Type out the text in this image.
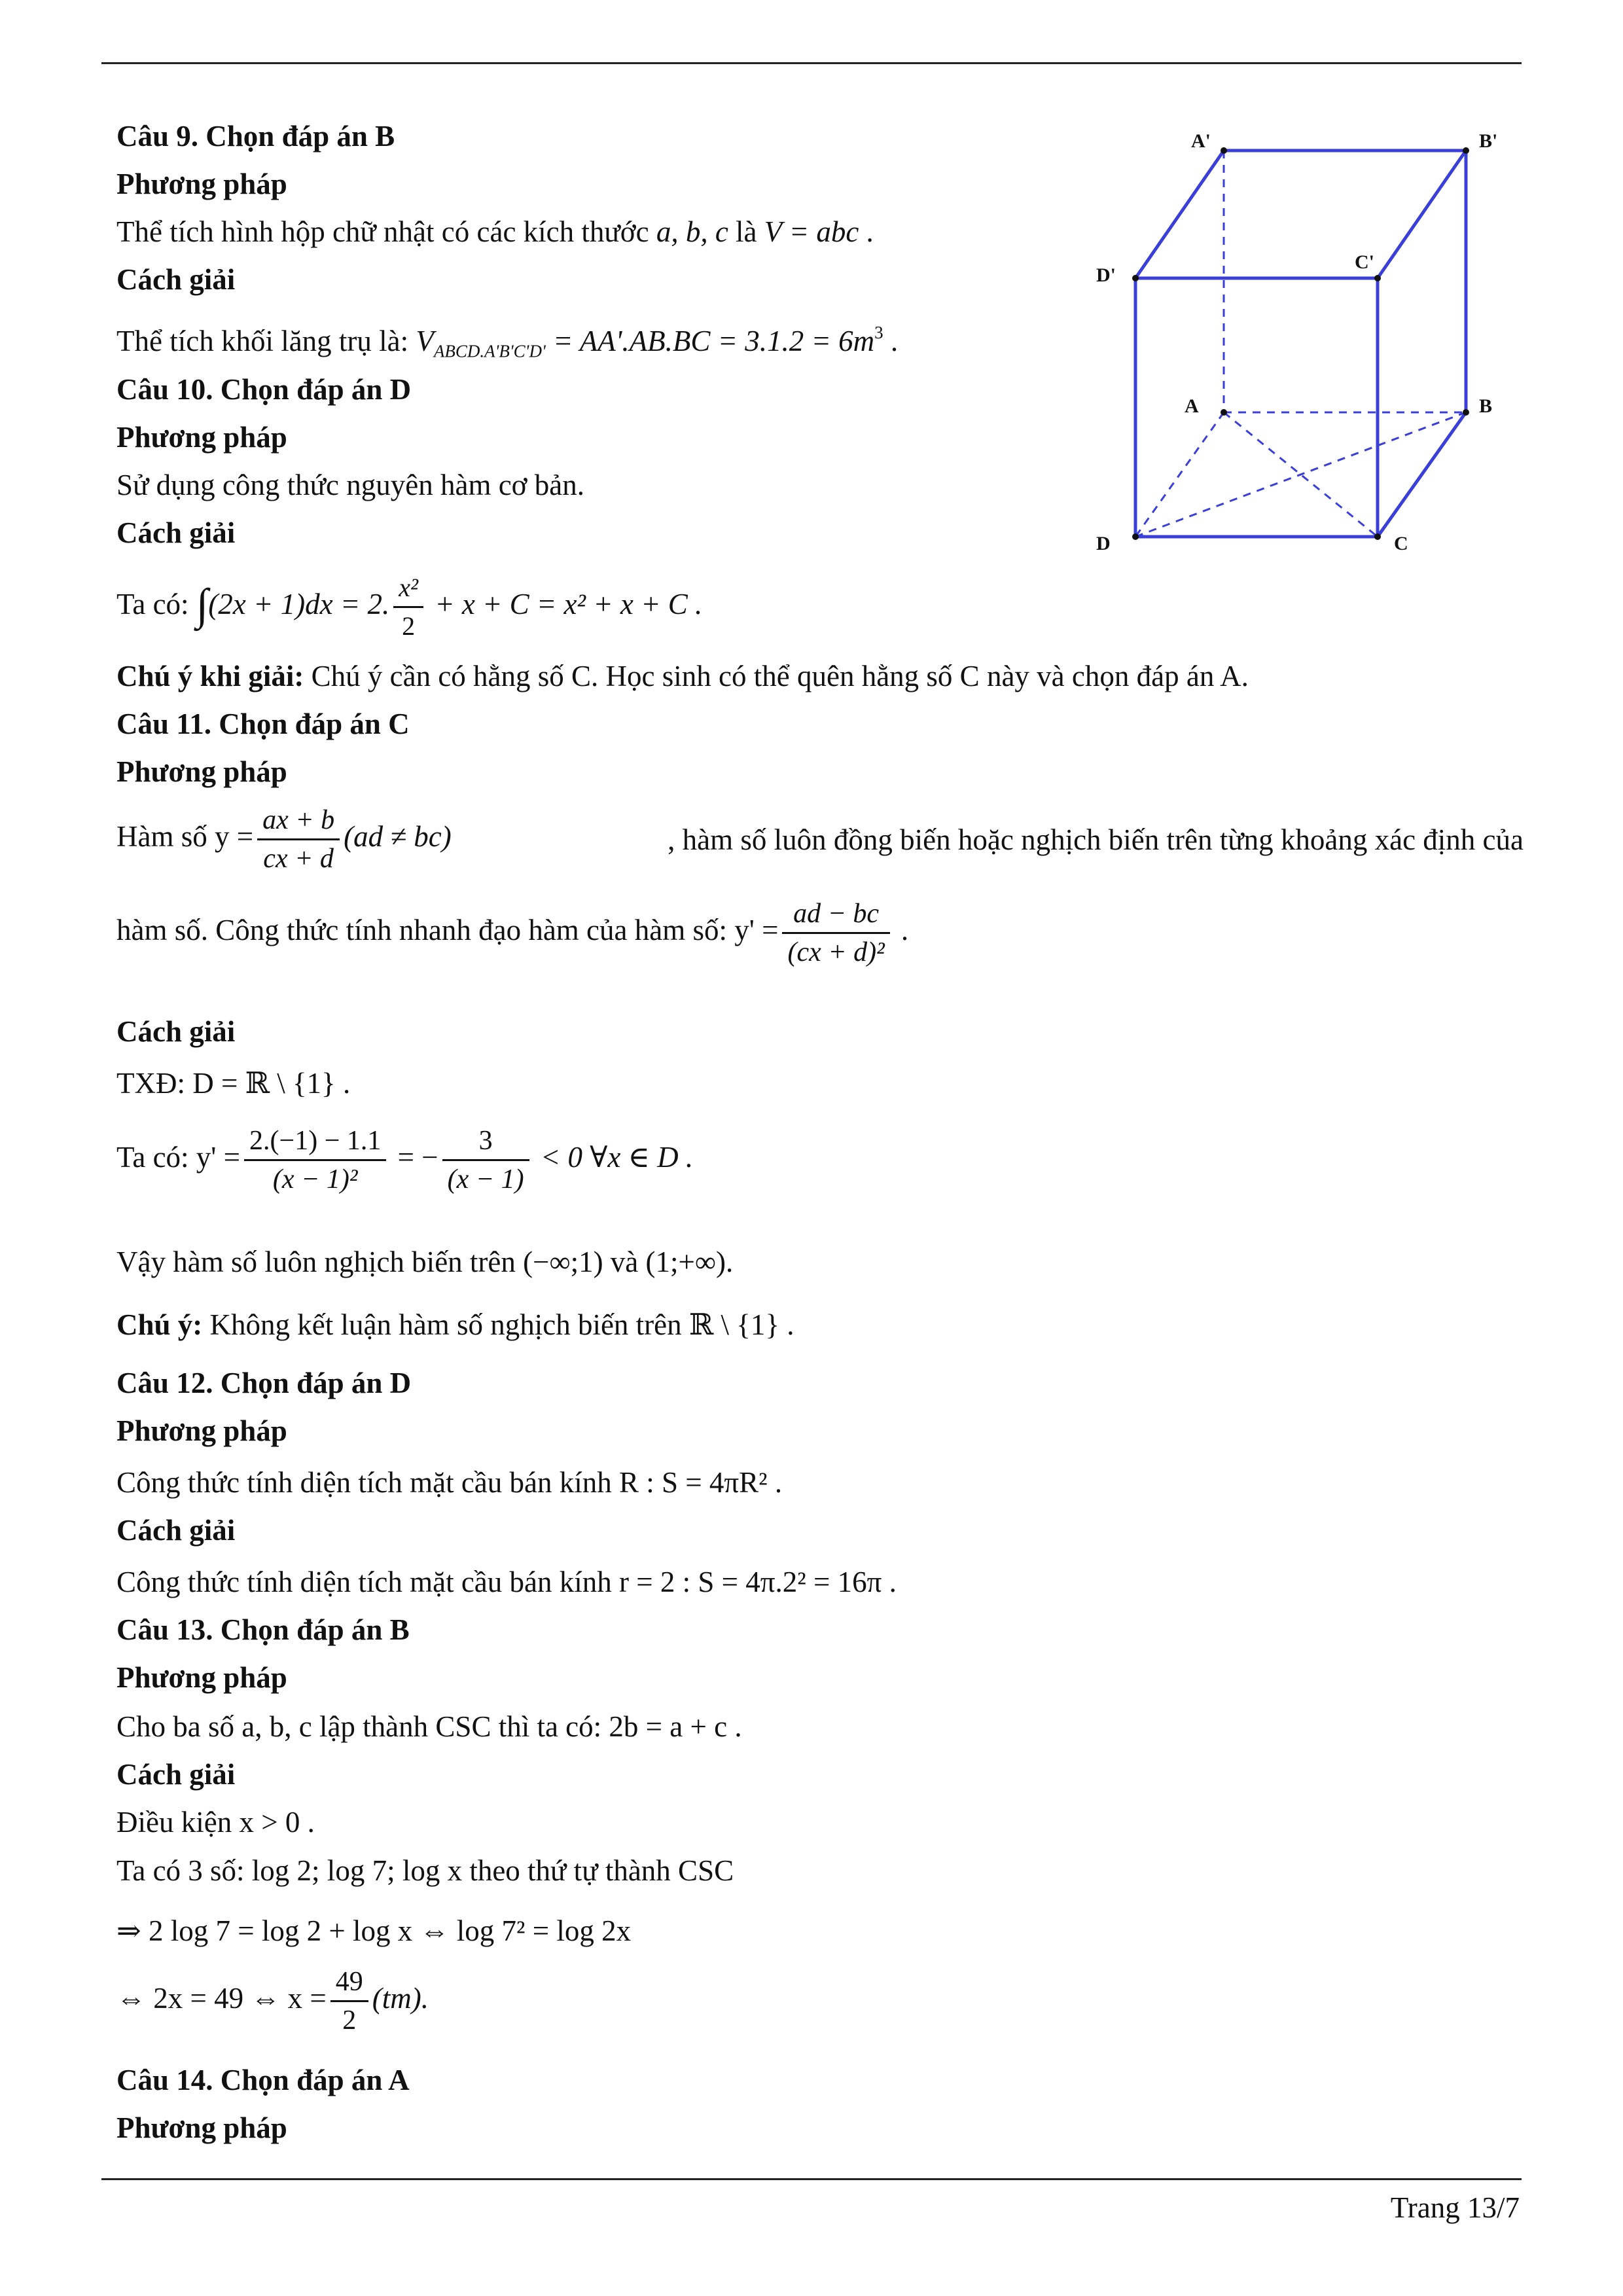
Câu 9. Chọn đáp án B
Phương pháp
Thể tích hình hộp chữ nhật có các kích thước a, b, c là V = abc .
Cách giải
Thể tích khối lăng trụ là: $V_{ABCD.A'B'C'D'} = AA'.AB.BC = 3.1.2 = 6m^3$ .
A'	B'
C'
D'
A	B
C
D
Câu 10. Chọn đáp án D
Phương pháp
Sử dụng công thức nguyên hàm cơ bản.
Cách giải
Ta có: ∫(2x + 1)dx = 2. $\frac{\text{x²}}{2} + x + C = x^2 + x + C$ .
Chú ý khi giải: Chú ý cần có hằng số C. Học sinh có thể quên hằng số C này và chọn đáp án A.
Câu 11. Chọn đáp án C
Phương pháp
Hàm số $y = \frac{ax + b}{cx + d} (ad \ne bc)$	, hàm số luôn đồng biến hoặc nghịch biến trên từng khoảng xác định của
hàm số. Công thức tính nhanh đạo hàm của hàm số: $y' = \frac{ad - bc}{\text{(cx + d)²}}$ .
Cách giải
TXĐ: D = ℝ \ {1} .
Ta có: $y' = \frac{2.(-1) - 1.1}{\text{(x − 1)²}}$ = − $\frac{3}{(x - 1)} < 0$ ∀x ∈ D .
Vậy hàm số luôn nghịch biến trên (−∞;1) và (1;+∞).
Chú ý: Không kết luận hàm số nghịch biến trên ℝ \ {1} .
Câu 12. Chọn đáp án D
Phương pháp
Công thức tính diện tích mặt cầu bán kính R : S = 4πR² .
Cách giải
Công thức tính diện tích mặt cầu bán kính r = 2 : S = 4π.2² = 16π .
Câu 13. Chọn đáp án B
Phương pháp
Cho ba số a, b, c lập thành CSC thì ta có: 2b = a + c .
Cách giải
Điều kiện x > 0 .
Ta có 3 số: log 2; log 7; log x theo thứ tự thành CSC
⇒ 2 log 7 = log 2 + log x ⇔ log 7² = log 2x
⇔ 2x = 49 ⇔ $x = \frac{49}{2} (tm)$.
Câu 14. Chọn đáp án A
Phương pháp
Trang 13/7
